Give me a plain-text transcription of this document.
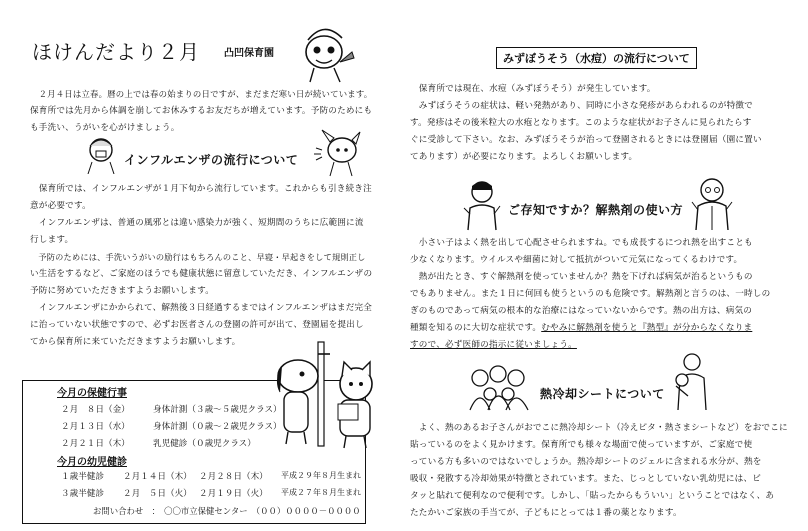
ほけんだより２月 凸凹保育園
　２月４日は立春。暦の上では春の始まりの日ですが、まだまだ寒い日が続いています。
保育所では先月から体調を崩してお休みするお友だちが増えています。予防のためにも
も手洗い、うがいを心がけましょう。
インフルエンザの流行について
　保育所では、インフルエンザが１月下旬から流行しています。これからも引き続き注
意が必要です。
　インフルエンザは、普通の風邪とは違い感染力が強く、短期間のうちに広範囲に流
行します。
　予防のためには、手洗いうがいの励行はもちろんのこと、早寝・早起きをして規則正し
い生活をするなど、ご家庭のほうでも健康状態に留意していただき、インフルエンザの
予防に努めていただきますようお願いします。
　インフルエンザにかかられて、解熱後３日経過するまではインフルエンザはまだ完全
に治っていない状態ですので、必ずお医者さんの登園の許可が出て、登園届を提出し
てから保育所に来ていただきますようお願いします。
今月の保健行事
２月　８日（金）	身体計測（３歳～５歳児クラス）
２月１３日（水）	身体計測（０歳～２歳児クラス）
２月２１日（木）	乳児健診（０歳児クラス）
今月の幼児健診
１歳半健診 ２月１４日（木） ２月２８日（木） 平成２９年８月生まれ
３歳半健診 ２月　５日（火） ２月１９日（火） 平成２７年８月生まれ
お問い合わせ　：　〇〇市立保健センター　（００）００００－００００
みずぼうそう（水痘）の流行について
　保育所では現在、水痘（みずぼうそう）が発生しています。
　みずぼうそうの症状は、軽い発熱があり、同時に小さな発疹があらわれるのが特徴で
す。発疹はその後米粒大の水疱となります。このような症状がお子さんに見られたらす
ぐに受診して下さい。なお、みずぼうそうが治って登園されるときには登園届（園に置い
てあります）が必要になります。よろしくお願いします。
ご存知ですか？解熱剤の使い方
　小さい子はよく熱を出して心配させられますね。でも成長するにつれ熱を出すことも
少なくなります。ウイルスや細菌に対して抵抗がついて元気になってくるわけです。
　熱が出たとき、すぐ解熱剤を使っていませんか？熱を下げれば病気が治るというもの
でもありません。また１日に何回も使うというのも危険です。解熱剤と言うのは、一時しの
ぎのものであって病気の根本的な治療にはなっていないからです。熱の出方は、病気の
種類を知るのに大切な症状です。むやみに解熱剤を使うと『熱型』が分からなくなりま
すので、必ず医師の指示に従いましょう。
熱冷却シートについて
　よく、熱のあるお子さんがおでこに熱冷却シート（冷えピタ・熱さまシートなど）をおでこに
貼っているのをよく見かけます。保育所でも様々な場面で使っていますが、ご家庭で使
っている方も多いのではないでしょうか。熱冷却シートのジェルに含まれる水分が、熱を
吸収・発散する冷却効果が特徴とされています。また、じっとしていない乳幼児には、ビ
タッと貼れて便利なので便利です。しかし、「貼ったからもういい」ということではなく、あ
たたかいご家族の手当てが、子どもにとっては１番の薬となります。
